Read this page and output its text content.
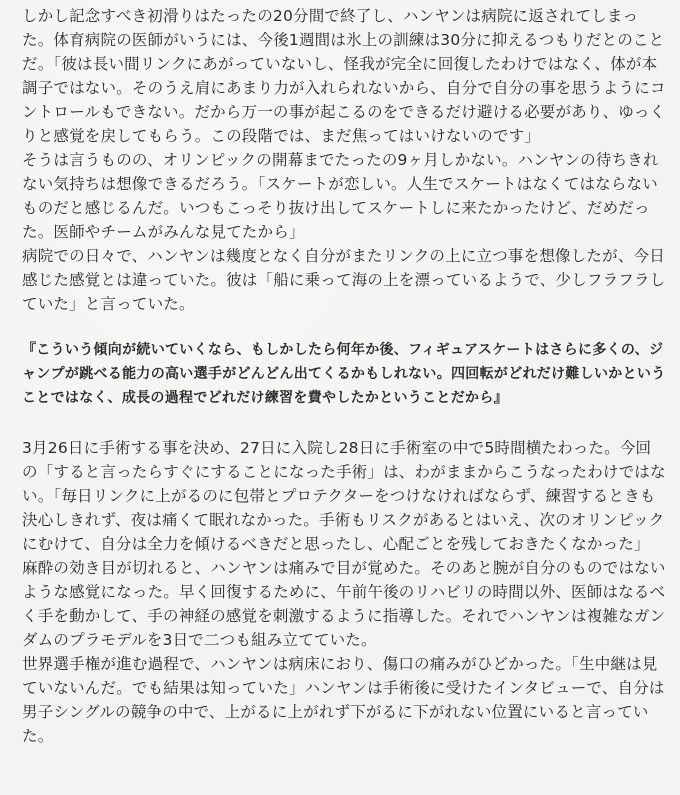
しかし記念すべき初滑りはたったの20分間で終了し、ハンヤンは病院に返されてしまった。体育病院の医師がいうには、今後1週間は氷上の訓練は30分に抑えるつもりだとのことだ。「彼は長い間リンクにあがっていないし、怪我が完全に回復したわけではなく、体が本調子ではない。そのうえ肩にあまり力が入れられないから、自分で自分の事を思うようにコントロールもできない。だから万一の事が起こるのをできるだけ避ける必要があり、ゆっくりと感覚を戻してもらう。この段階では、まだ焦ってはいけないのです」

そうは言うものの、オリンピックの開幕までたったの9ヶ月しかない。ハンヤンの待ちきれない気持ちは想像できるだろう。「スケートが恋しい。人生でスケートはなくてはならないものだと感じるんだ。いつもこっそり抜け出してスケートしに来たかったけど、だめだった。医師やチームがみんな見てたから」

病院での日々で、ハンヤンは幾度となく自分がまたリンクの上に立つ事を想像したが、今日感じた感覚とは違っていた。彼は「船に乗って海の上を漂っているようで、少しフラフラしていた」と言っていた。

『こういう傾向が続いていくなら、もしかしたら何年か後、フィギュアスケートはさらに多くの、ジャンプが跳べる能力の高い選手がどんどん出てくるかもしれない。四回転がどれだけ難しいかということではなく、成長の過程でどれだけ練習を費やしたかということだから』

3月26日に手術する事を決め、27日に入院し28日に手術室の中で5時間横たわった。今回の「すると言ったらすぐにすることになった手術」は、わがままからこうなったわけではない。「毎日リンクに上がるのに包帯とプロテクターをつけなければならず、練習するときも決心しきれず、夜は痛くて眠れなかった。手術もリスクがあるとはいえ、次のオリンピックにむけて、自分は全力を傾けるべきだと思ったし、心配ごとを残しておきたくなかった」

麻酔の効き目が切れると、ハンヤンは痛みで目が覚めた。そのあと腕が自分のものではないような感覚になった。早く回復するために、午前午後のリハビリの時間以外、医師はなるべく手を動かして、手の神経の感覚を刺激するように指導した。それでハンヤンは複雑なガンダムのプラモデルを3日で二つも組み立てていた。

世界選手権が進む過程で、ハンヤンは病床におり、傷口の痛みがひどかった。「生中継は見ていないんだ。でも結果は知っていた」ハンヤンは手術後に受けたインタビューで、自分は男子シングルの競争の中で、上がるに上がれず下がるに下がれない位置にいると言っていた。
